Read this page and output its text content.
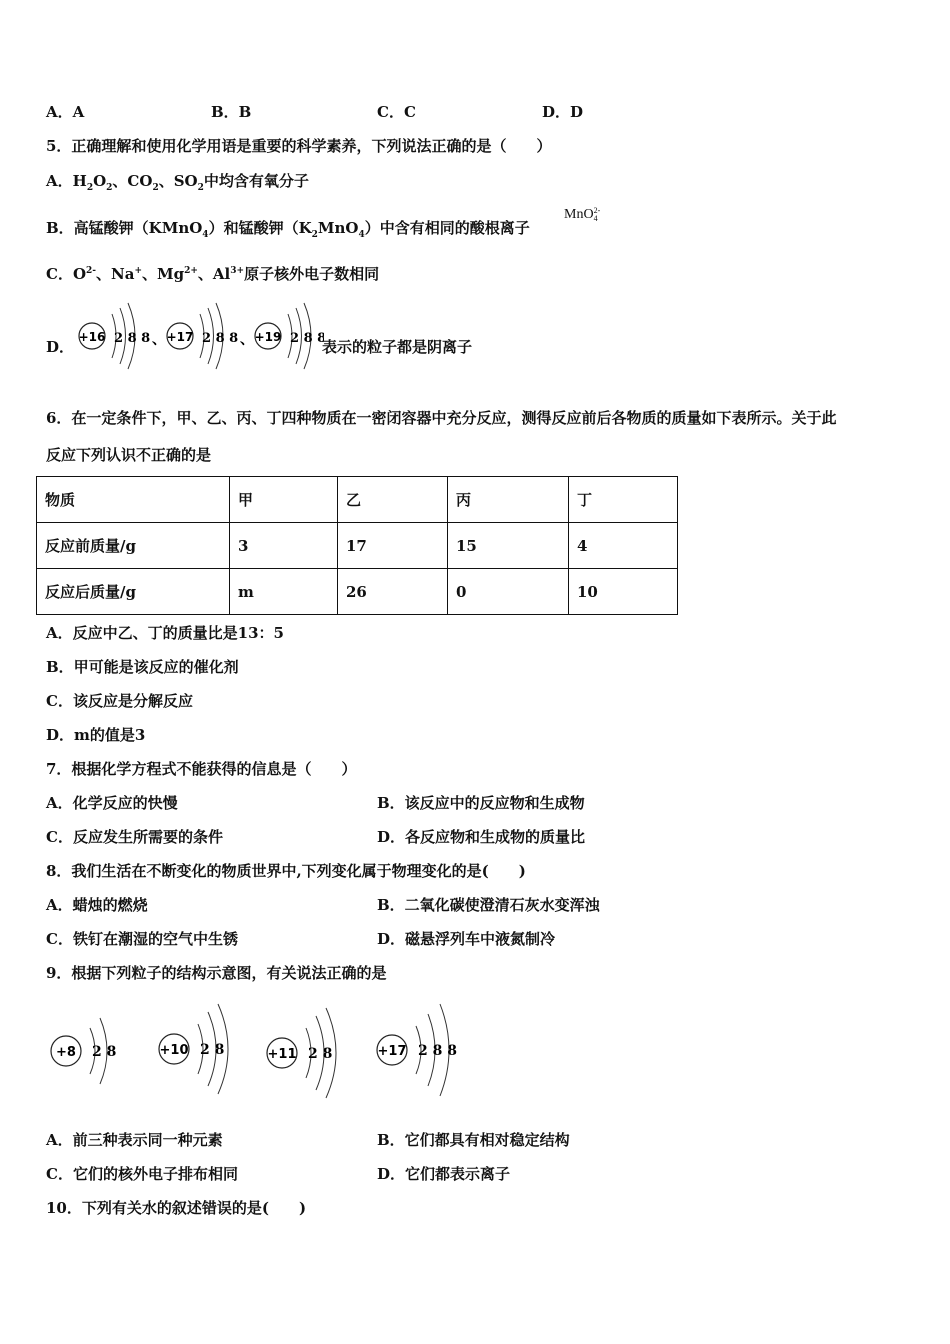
A．A	B．B	C．C	D．D
5．正确理解和使用化学用语是重要的科学素养，下列说法正确的是（　　）
A．$H_2O_2$、$CO_2$、$SO_2$中均含有氧分子
B．高锰酸钾（KMnO$_4$）和锰酸钾$(K_2MnO_4)$中含有相同的酸根离子
MnO 2-
4
C．$O^{2-}$、Na+、$Mg^{2+}$、$Al^{3+}$原子核外电子数相同
D．
+16 2 8 8 、 +17 2 8 8 、 +19 2 8 8
表示的粒子都是阴离子
6．在一定条件下，甲、乙、丙、丁四种物质在一密闭容器中充分反应，测得反应前后各物质的质量如下表所示。关于此
反应下列认识不正确的是
物质	甲	乙	丙	丁
反应前质量/g	3	17	15	4
反应后质量/g	m	26	0	10
A．反应中乙、丁的质量比是13：5
B．甲可能是该反应的催化剂
C．该反应是分解反应
D．m的值是3
7．根据化学方程式不能获得的信息是（　　）
A．化学反应的快慢	B．该反应中的反应物和生成物
C．反应发生所需要的条件	D．各反应物和生成物的质量比
8．我们生活在不断变化的物质世界中,下列变化属于物理变化的是(　　)
A．蜡烛的燃烧	B．二氧化碳使澄清石灰水变浑浊
C．铁钉在潮湿的空气中生锈	D．磁悬浮列车中液氮制冷
9．根据下列粒子的结构示意图，有关说法正确的是
+8 2 8	+10 2 8	+11 2 8	+17 2 8 8
A．前三种表示同一种元素	B．它们都具有相对稳定结构
C．它们的核外电子排布相同	D．它们都表示离子
10．下列有关水的叙述错误的是(　　)
